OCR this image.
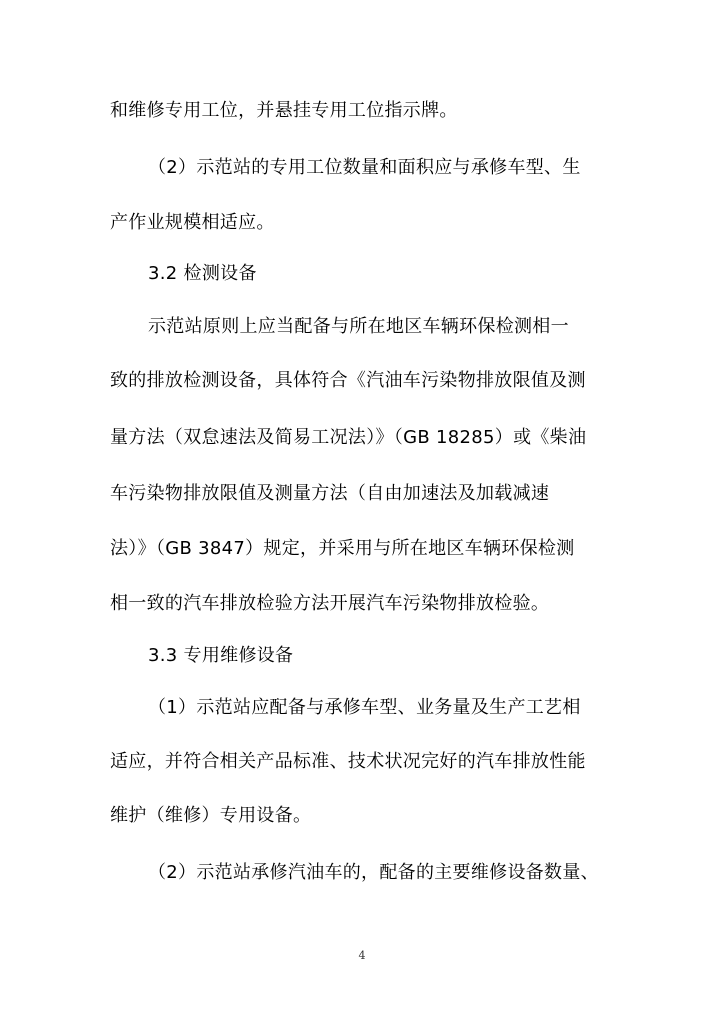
和维修专用工位，并悬挂专用工位指示牌。
（2）示范站的专用工位数量和面积应与承修车型、生
产作业规模相适应。
3.2 检测设备
示范站原则上应当配备与所在地区车辆环保检测相一
致的排放检测设备，具体符合《汽油车污染物排放限值及测
量方法（双怠速法及简易工况法）》（GB 18285）或《柴油
车污染物排放限值及测量方法（自由加速法及加载减速
法）》（GB 3847）规定，并采用与所在地区车辆环保检测
相一致的汽车排放检验方法开展汽车污染物排放检验。
3.3 专用维修设备
（1）示范站应配备与承修车型、业务量及生产工艺相
适应，并符合相关产品标准、技术状况完好的汽车排放性能
维护（维修）专用设备。
（2）示范站承修汽油车的，配备的主要维修设备数量、
4
